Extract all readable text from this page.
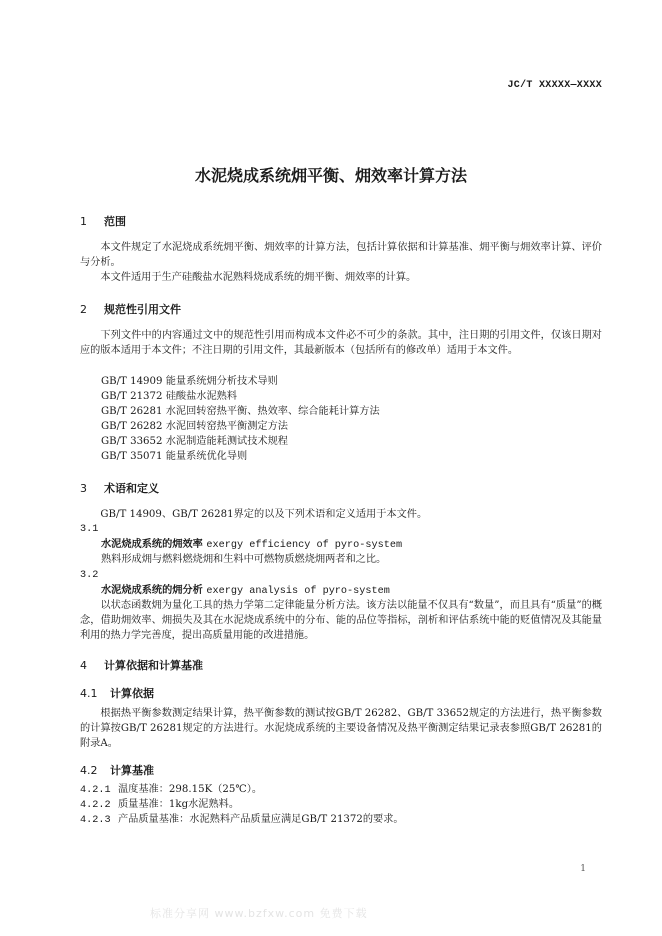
JC/T XXXXX—XXXX
水泥烧成系统㶲平衡、㶲效率计算方法
1 范围

本文件规定了水泥烧成系统㶲平衡、㶲效率的计算方法，包括计算依据和计算基准、㶲平衡与㶲效率计算、评价与分析。

本文件适用于生产硅酸盐水泥熟料烧成系统的㶲平衡、㶲效率的计算。

2 规范性引用文件

下列文件中的内容通过文中的规范性引用而构成本文件必不可少的条款。其中，注日期的引用文件，仅该日期对应的版本适用于本文件；不注日期的引用文件，其最新版本（包括所有的修改单）适用于本文件。

GB/T 14909 能量系统㶲分析技术导则
GB/T 21372 硅酸盐水泥熟料
GB/T 26281 水泥回转窑热平衡、热效率、综合能耗计算方法
GB/T 26282 水泥回转窑热平衡测定方法
GB/T 33652 水泥制造能耗测试技术规程
GB/T 35071 能量系统优化导则
3 术语和定义

GB/T 14909、GB/T 26281界定的以及下列术语和定义适用于本文件。

3.1
水泥烧成系统的㶲效率 exergy efficiency of pyro-system
熟料形成㶲与燃料燃烧㶲和生料中可燃物质燃烧㶲两者和之比。
3.2
水泥烧成系统的㶲分析 exergy analysis of pyro-system

以状态函数㶲为量化工具的热力学第二定律能量分析方法。该方法以能量不仅具有“数量”，而且具有“质量”的概念，借助㶲效率、㶲损失及其在水泥烧成系统中的分布、能的品位等指标，剖析和评估系统中能的贬值情况及其能量利用的热力学完善度，提出高质量用能的改进措施。

4 计算依据和计算基准
4.1 计算依据

根据热平衡参数测定结果计算，热平衡参数的测试按GB/T 26282、GB/T 33652规定的方法进行，热平衡参数的计算按GB/T 26281规定的方法进行。水泥烧成系统的主要设备情况及热平衡测定结果记录表参照GB/T 26281的附录A。

4.2 计算基准
4.2.1 温度基准：298.15K（25℃）。
4.2.2 质量基准：1kg水泥熟料。
4.2.3 产品质量基准：水泥熟料产品质量应满足GB/T 21372的要求。
1
标准分享网 www.bzfxw.com 免费下载
